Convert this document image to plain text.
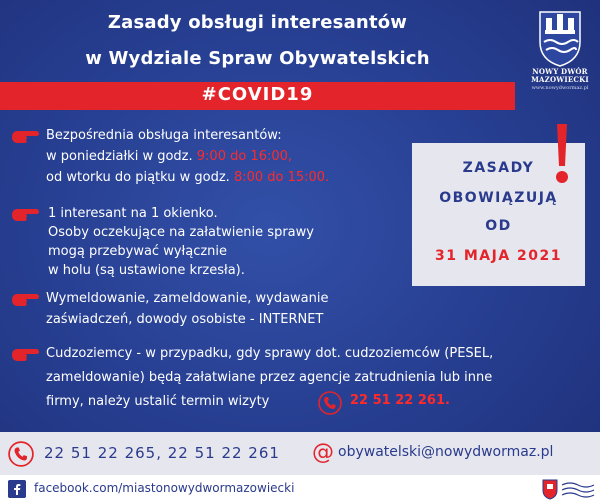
Zasady obsługi interesantów
w Wydziale Spraw Obywatelskich
#COVID19
NOWY DWÓR
MAZOWIECKI
www.nowydwormaz.pl
Bezpośrednia obsługa interesantów:
w poniedziałki w godz. 9:00 do 16:00,
od wtorku do piątku w godz. 8:00 do 15:00.
1 interesant na 1 okienko.
Osoby oczekujące na załatwienie sprawy
mogą przebywać wyłącznie
w holu (są ustawione krzesła).
Wymeldowanie, zameldowanie, wydawanie
zaświadczeń, dowody osobiste - INTERNET
Cudzoziemcy - w przypadku, gdy sprawy dot. cudzoziemców (PESEL,
zameldowanie) będą załatwiane przez agencje zatrudnienia lub inne
firmy, należy ustalić termin wizyty	22 51 22 261.
ZASADY
OBOWIĄZUJĄ
OD
31 MAJA 2021
22 51 22 265, 22 51 22 261 @ obywatelski@nowydwormaz.pl
facebook.com/miastonowydwormazowiecki
